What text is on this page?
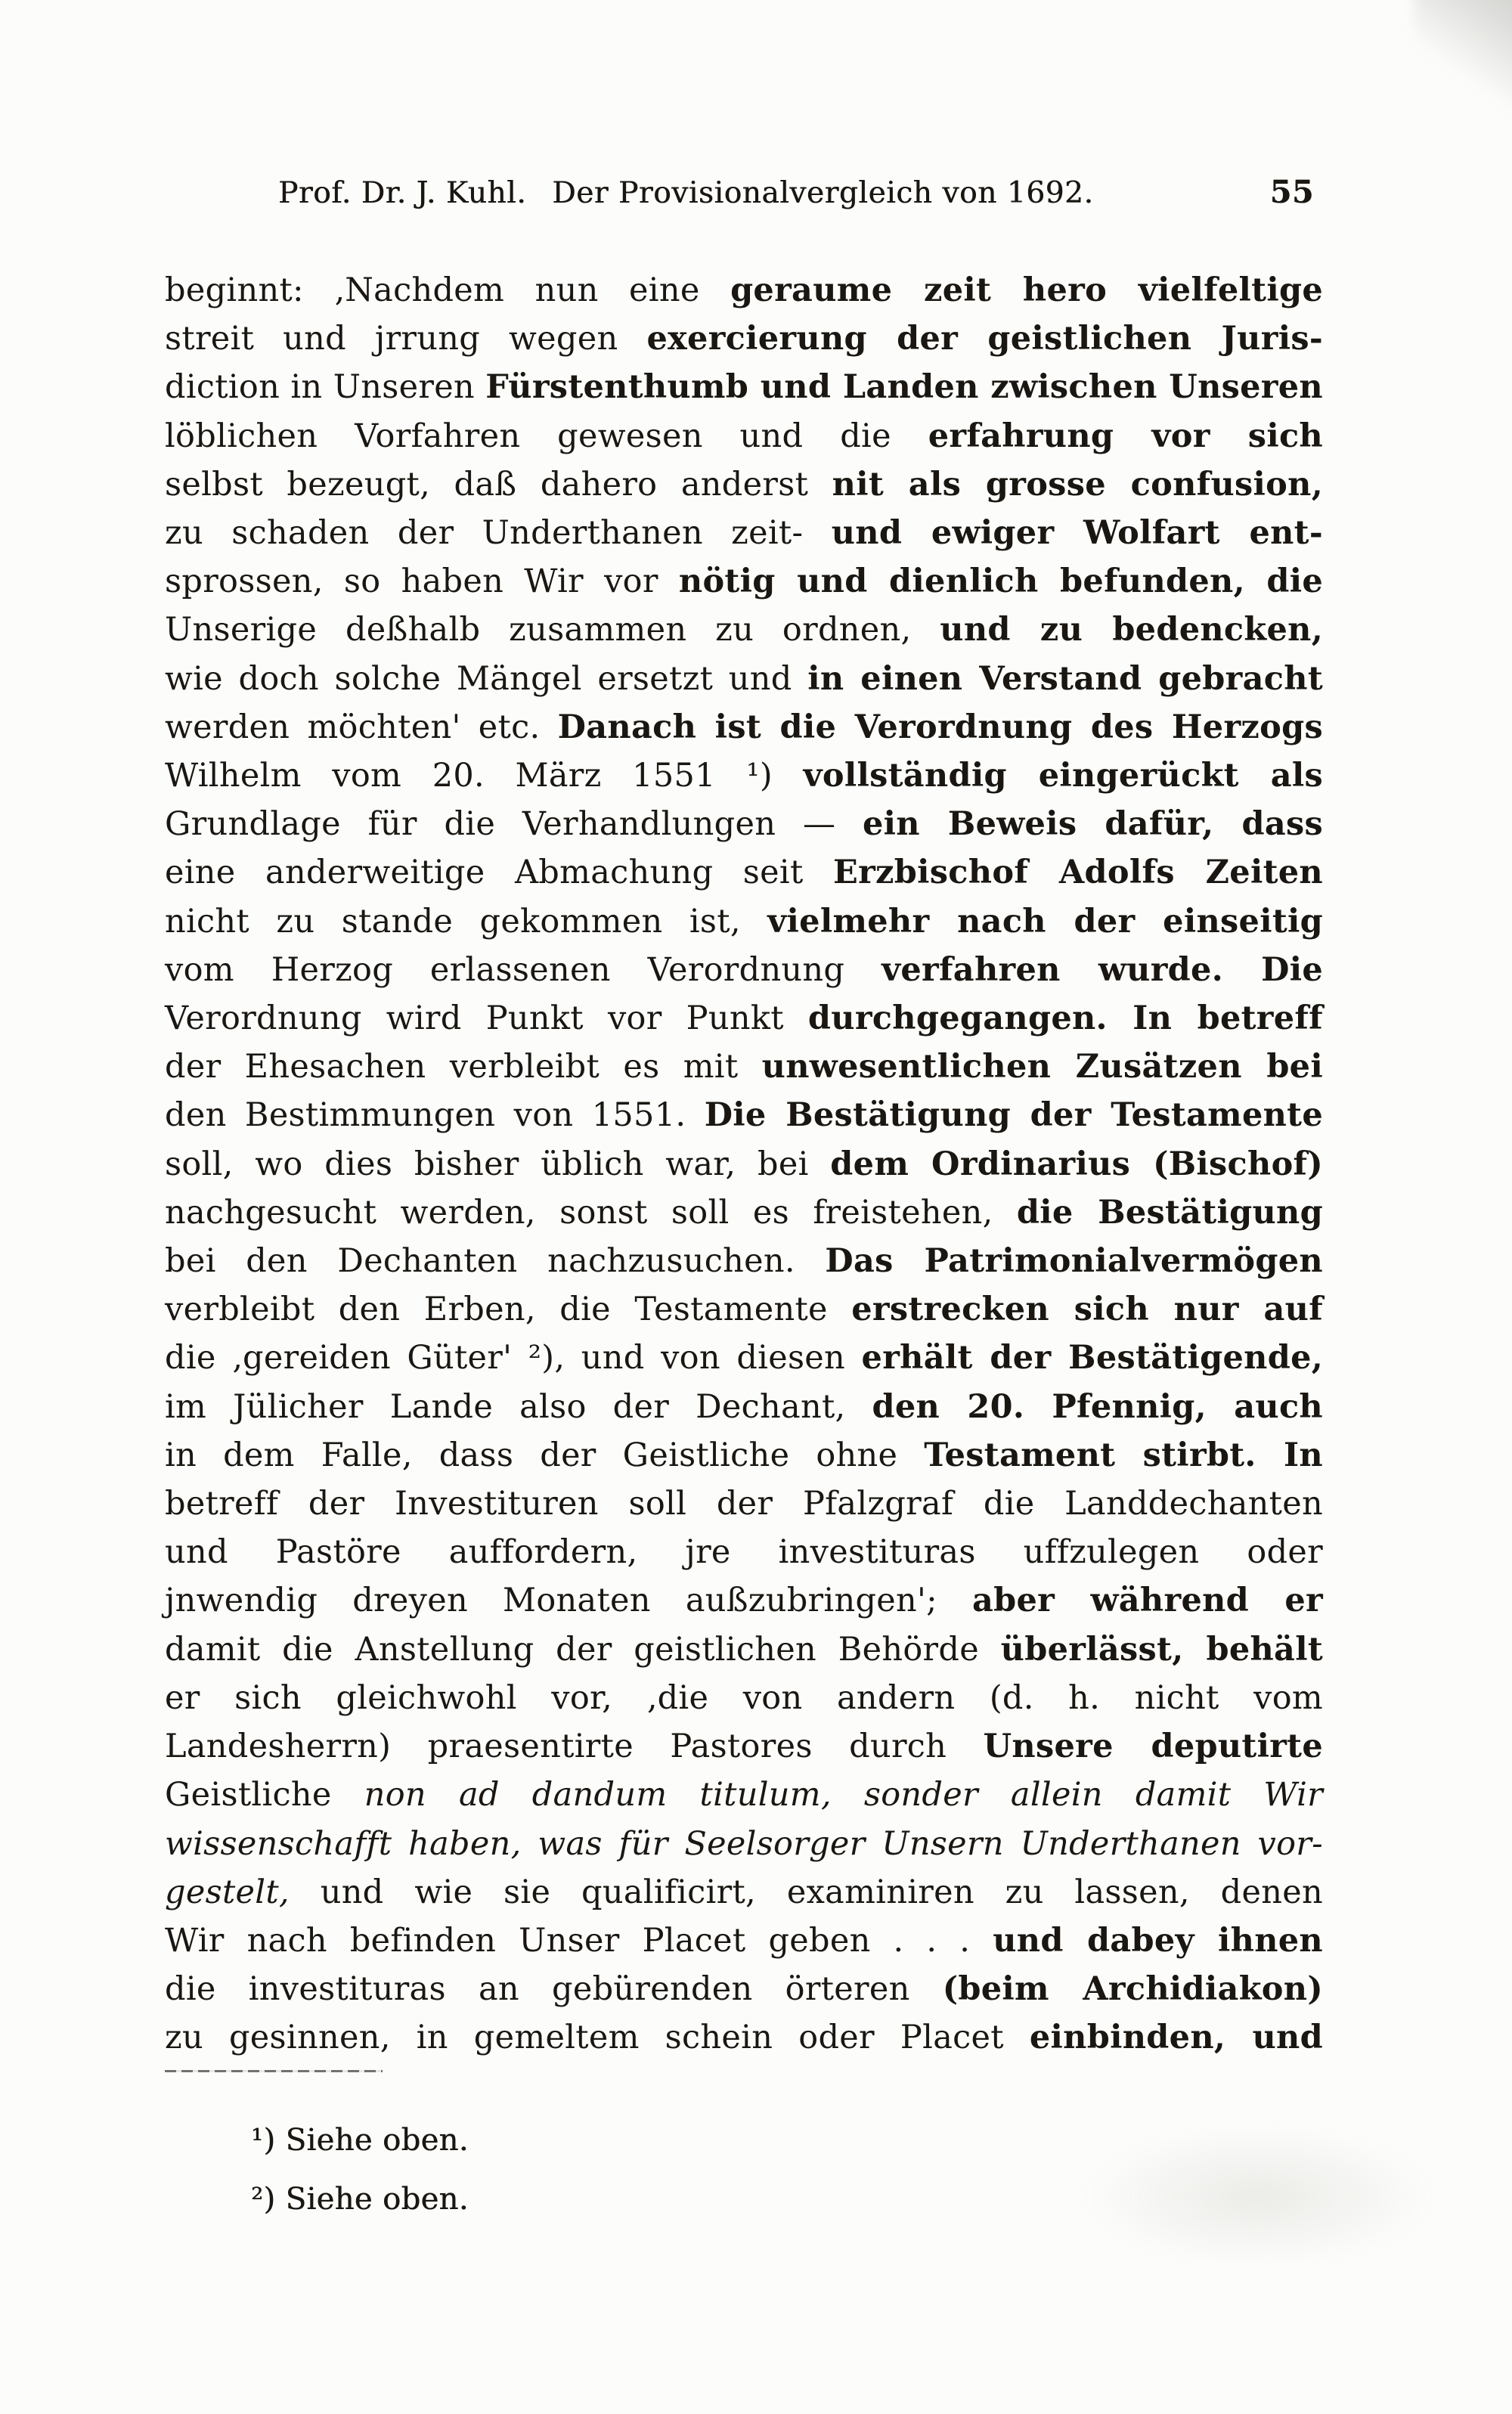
Prof. Dr. J. Kuhl. Der Provisionalvergleich von 1692.	55
beginnt: ‚Nachdem nun eine geraume zeit hero vielfeltige
streit und jrrung wegen exercierung der geistlichen Juris-
diction in Unseren Fürstenthumb und Landen zwischen Unseren
löblichen Vorfahren gewesen und die erfahrung vor sich
selbst bezeugt, daß dahero anderst nit als grosse confusion,
zu schaden der Underthanen zeit- und ewiger Wolfart ent-
sprossen, so haben Wir vor nötig und dienlich befunden, die
Unserige deßhalb zusammen zu ordnen, und zu bedencken,
wie doch solche Mängel ersetzt und in einen Verstand gebracht
werden möchten' etc. Danach ist die Verordnung des Herzogs
Wilhelm vom 20. März 1551 ¹) vollständig eingerückt als
Grundlage für die Verhandlungen — ein Beweis dafür, dass
eine anderweitige Abmachung seit Erzbischof Adolfs Zeiten
nicht zu stande gekommen ist, vielmehr nach der einseitig
vom Herzog erlassenen Verordnung verfahren wurde. Die
Verordnung wird Punkt vor Punkt durchgegangen. In betreff
der Ehesachen verbleibt es mit unwesentlichen Zusätzen bei
den Bestimmungen von 1551. Die Bestätigung der Testamente
soll, wo dies bisher üblich war, bei dem Ordinarius (Bischof)
nachgesucht werden, sonst soll es freistehen, die Bestätigung
bei den Dechanten nachzusuchen. Das Patrimonialvermögen
verbleibt den Erben, die Testamente erstrecken sich nur auf
die ‚gereiden Güter' ²), und von diesen erhält der Bestätigende,
im Jülicher Lande also der Dechant, den 20. Pfennig, auch
in dem Falle, dass der Geistliche ohne Testament stirbt. In
betreff der Investituren soll der Pfalzgraf die Landdechanten
und Pastöre auffordern, jre investituras uffzulegen oder
jnwendig dreyen Monaten außzubringen'; aber während er
damit die Anstellung der geistlichen Behörde überlässt, behält
er sich gleichwohl vor, ‚die von andern (d. h. nicht vom
Landesherrn) praesentirte Pastores durch Unsere deputirte
Geistliche non ad dandum titulum, sonder allein damit Wir
wissenschafft haben, was für Seelsorger Unsern Underthanen vor-
gestelt, und wie sie qualificirt, examiniren zu lassen, denen
Wir nach befinden Unser Placet geben . . . und dabey ihnen
die investituras an gebürenden örteren (beim Archidiakon)
zu gesinnen, in gemeltem schein oder Placet einbinden, und
¹) Siehe oben.
²) Siehe oben.
